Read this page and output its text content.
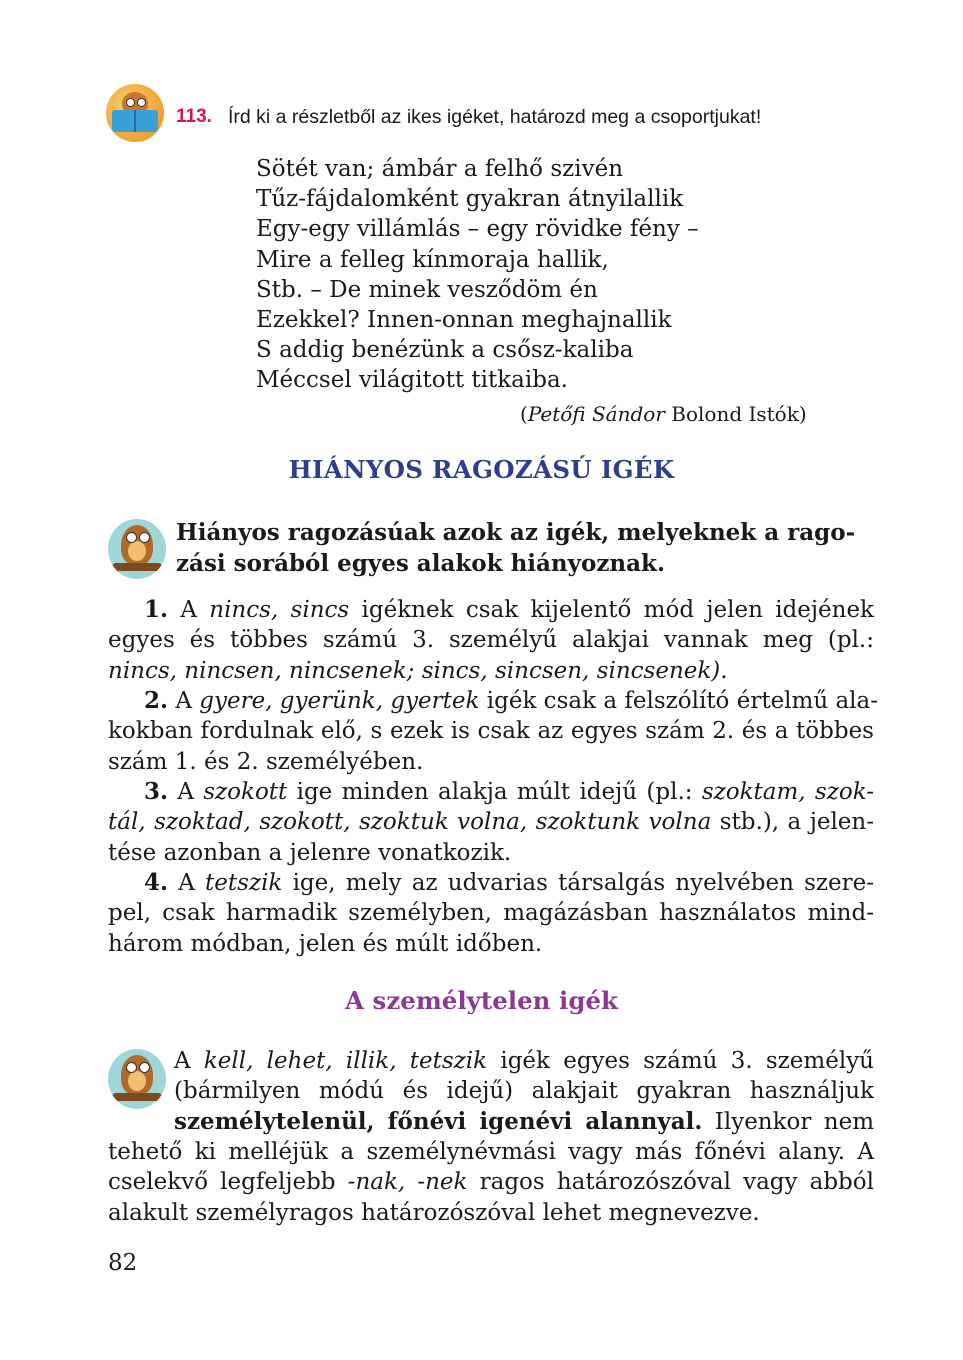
113. Írd ki a részletből az ikes igéket, határozd meg a csoportjukat!
Sötét van; ámbár a felhő szivén
Tűz-fájdalomként gyakran átnyilallik
Egy-egy villámlás – egy rövidke fény –
Mire a felleg kínmoraja hallik,
Stb. – De minek vesződöm én
Ezekkel? Innen-onnan meghajnallik
S addig benézünk a csősz-kaliba
Méccsel világitott titkaiba.
(Petőfi Sándor Bolond Istók)
HIÁNYOS RAGOZÁSÚ IGÉK
Hiányos ragozásúak azok az igék, melyeknek a rago-
zási sorából egyes alakok hiányoznak.
1. A nincs, sincs igéknek csak kijelentő mód jelen idejének
egyes és többes számú 3. személyű alakjai vannak meg (pl.:
nincs, nincsen, nincsenek; sincs, sincsen, sincsenek).
2. A gyere, gyerünk, gyertek igék csak a felszólító értelmű ala-
kokban fordulnak elő, s ezek is csak az egyes szám 2. és a többes
szám 1. és 2. személyében.
3. A szokott ige minden alakja múlt idejű (pl.: szoktam, szok-
tál, szoktad, szokott, szoktuk volna, szoktunk volna stb.), a jelen-
tése azonban a jelenre vonatkozik.
4. A tetszik ige, mely az udvarias társalgás nyelvében szere-
pel, csak harmadik személyben, magázásban használatos mind-
három módban, jelen és múlt időben.
A személytelen igék
A kell, lehet, illik, tetszik igék egyes számú 3. személyű
(bármilyen módú és idejű) alakjait gyakran használjuk
személytelenül, főnévi igenévi alannyal. Ilyenkor nem
tehető ki melléjük a személynévmási vagy más főnévi alany. A
cselekvő legfeljebb -nak, -nek ragos határozószóval vagy abból
alakult személyragos határozószóval lehet megnevezve.
82
